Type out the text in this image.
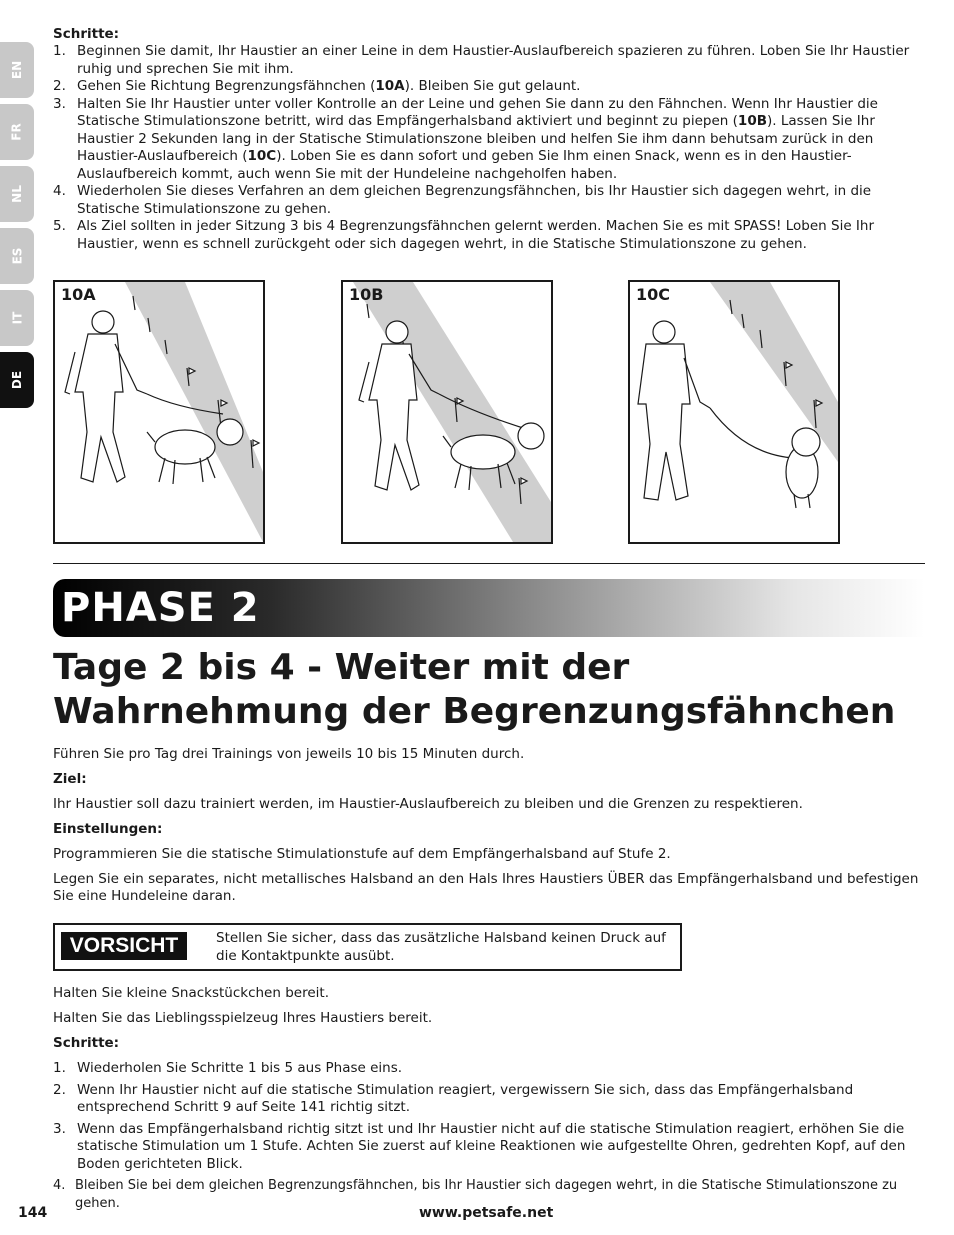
EN
FR
NL
ES
IT
DE

Schritte:

1. Beginnen Sie damit, Ihr Haustier an einer Leine in dem Haustier-Auslaufbereich spazieren zu führen. Loben Sie Ihr Haustier ruhig und sprechen Sie mit ihm.
2. Gehen Sie Richtung Begrenzungsfähnchen (10A). Bleiben Sie gut gelaunt.
3. Halten Sie Ihr Haustier unter voller Kontrolle an der Leine und gehen Sie dann zu den Fähnchen. Wenn Ihr Haustier die Statische Stimulationszone betritt, wird das Empfängerhalsband aktiviert und beginnt zu piepen (10B). Lassen Sie Ihr Haustier 2 Sekunden lang in der Statische Stimulationszone bleiben und helfen Sie ihm dann behutsam zurück in den Haustier-Auslaufbereich (10C). Loben Sie es dann sofort und geben Sie Ihm einen Snack, wenn es in den Haustier-Auslaufbereich kommt, auch wenn Sie mit der Hundeleine nachgeholfen haben.
4. Wiederholen Sie dieses Verfahren an dem gleichen Begrenzungsfähnchen, bis Ihr Haustier sich dagegen wehrt, in die Statische Stimulationszone zu gehen.
5. Als Ziel sollten in jeder Sitzung 3 bis 4 Begrenzungsfähnchen gelernt werden. Machen Sie es mit SPASS! Loben Sie Ihr Haustier, wenn es schnell zurückgeht oder sich dagegen wehrt, in die Statische Stimulationszone zu gehen.
10A	10B	10C
PHASE 2
Tage 2 bis 4 - Weiter mit der Wahrnehmung der Begrenzungsfähnchen

Führen Sie pro Tag drei Trainings von jeweils 10 bis 15 Minuten durch.

Ziel:

Ihr Haustier soll dazu trainiert werden, im Haustier-Auslaufbereich zu bleiben und die Grenzen zu respektieren.

Einstellungen:

Programmieren Sie die statische Stimulationstufe auf dem Empfängerhalsband auf Stufe 2.

Legen Sie ein separates, nicht metallisches Halsband an den Hals Ihres Haustiers ÜBER das Empfängerhalsband und befestigen Sie eine Hundeleine daran.

VORSICHT	Stellen Sie sicher, dass das zusätzliche Halsband keinen Druck auf die Kontaktpunkte ausübt.

Halten Sie kleine Snackstückchen bereit.

Halten Sie das Lieblingsspielzeug Ihres Haustiers bereit.

Schritte:

1. Wiederholen Sie Schritte 1 bis 5 aus Phase eins.
2. Wenn Ihr Haustier nicht auf die statische Stimulation reagiert, vergewissern Sie sich, dass das Empfängerhalsband entsprechend Schritt 9 auf Seite 141 richtig sitzt.
3. Wenn das Empfängerhalsband richtig sitzt ist und Ihr Haustier nicht auf die statische Stimulation reagiert, erhöhen Sie die statische Stimulation um 1 Stufe. Achten Sie zuerst auf kleine Reaktionen wie aufgestellte Ohren, gedrehten Kopf, auf den Boden gerichteten Blick.
4. Bleiben Sie bei dem gleichen Begrenzungsfähnchen, bis Ihr Haustier sich dagegen wehrt, in die Statische Stimulationszone zu gehen.
144	www.petsafe.net
